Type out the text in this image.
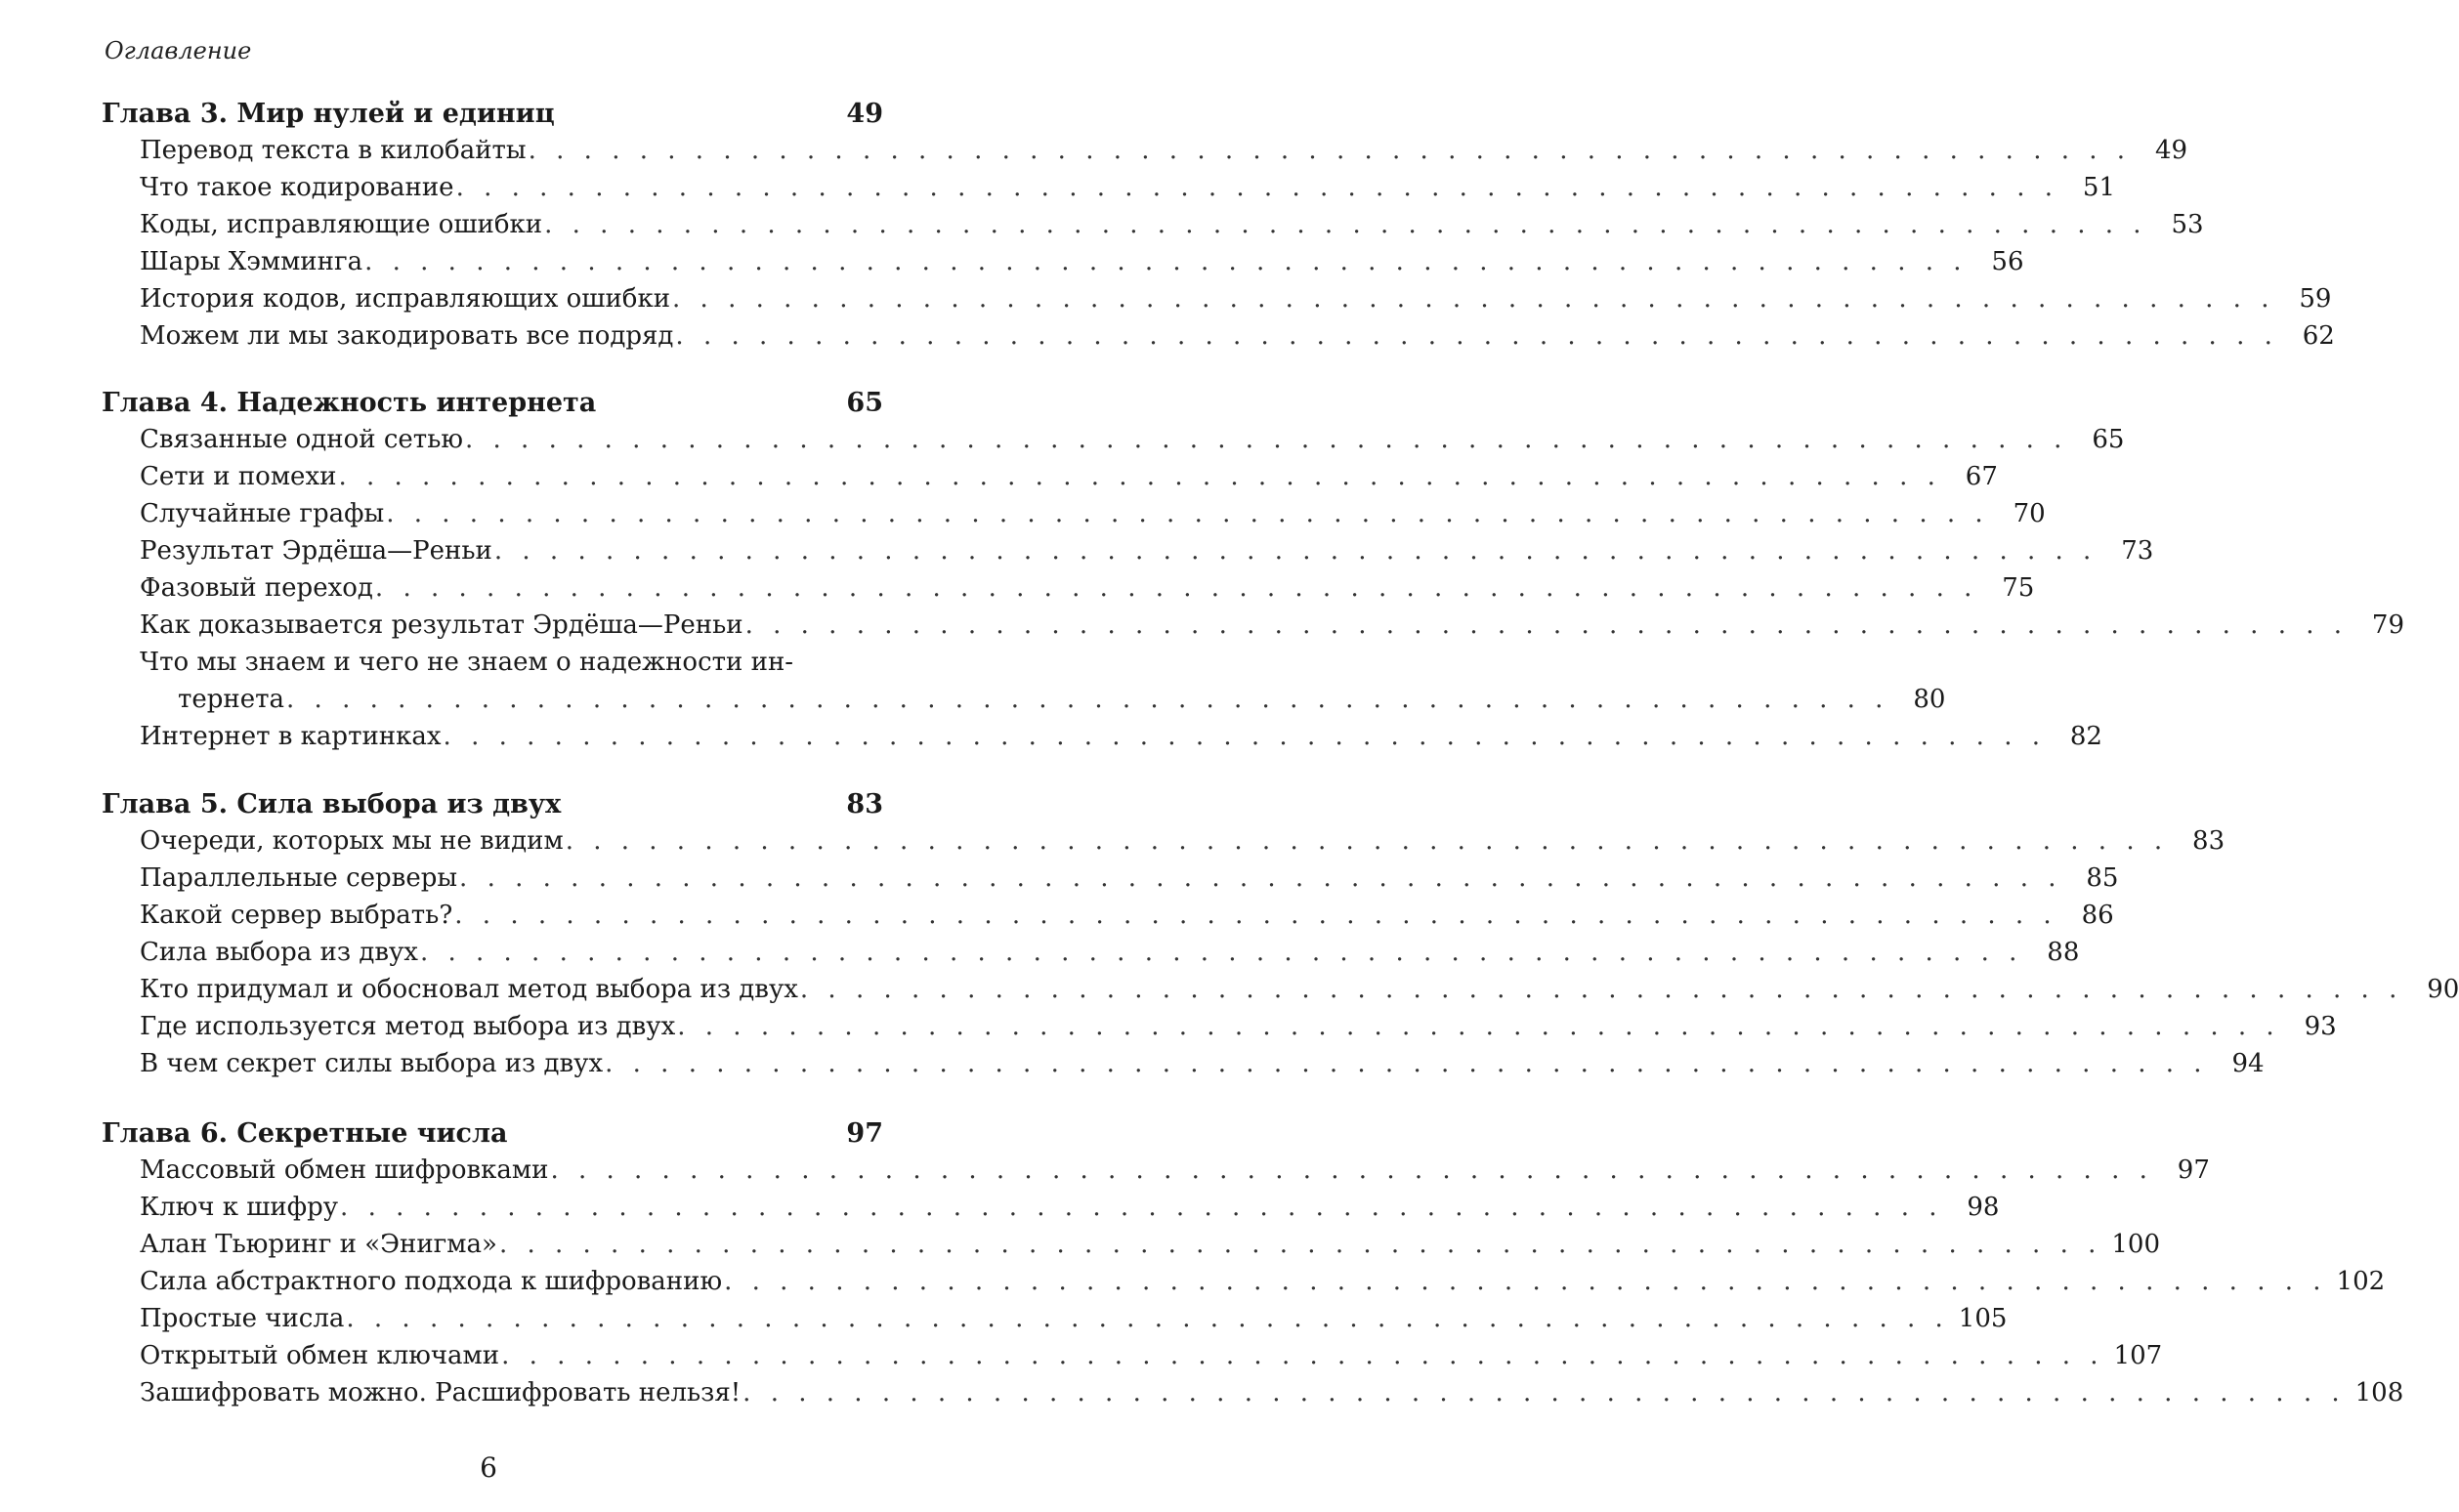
Оглавление
Глава 3. Мир нулей и единиц	49
Перевод текста в килобайты . . . . . . . . . . . . . . . . . . . . . . . . . . . . . . . . . . . . . . . . . . . . . . . . . . . . . . . . . . 49
Что такое кодирование . . . . . . . . . . . . . . . . . . . . . . . . . . . . . . . . . . . . . . . . . . . . . . . . . . . . . . . . . . 51
Коды, исправляющие ошибки . . . . . . . . . . . . . . . . . . . . . . . . . . . . . . . . . . . . . . . . . . . . . . . . . . . . . . . . . . 53
Шары Хэмминга . . . . . . . . . . . . . . . . . . . . . . . . . . . . . . . . . . . . . . . . . . . . . . . . . . . . . . . . . . 56
История кодов, исправляющих ошибки . . . . . . . . . . . . . . . . . . . . . . . . . . . . . . . . . . . . . . . . . . . . . . . . . . . . . . . . . . 59
Можем ли мы закодировать все подряд . . . . . . . . . . . . . . . . . . . . . . . . . . . . . . . . . . . . . . . . . . . . . . . . . . . . . . . . . . 62
Глава 4. Надежность интернета	65
Связанные одной сетью . . . . . . . . . . . . . . . . . . . . . . . . . . . . . . . . . . . . . . . . . . . . . . . . . . . . . . . . . . 65
Сети и помехи . . . . . . . . . . . . . . . . . . . . . . . . . . . . . . . . . . . . . . . . . . . . . . . . . . . . . . . . . . 67
Случайные графы . . . . . . . . . . . . . . . . . . . . . . . . . . . . . . . . . . . . . . . . . . . . . . . . . . . . . . . . . . 70
Результат Эрдёша—Реньи . . . . . . . . . . . . . . . . . . . . . . . . . . . . . . . . . . . . . . . . . . . . . . . . . . . . . . . . . . 73
Фазовый переход . . . . . . . . . . . . . . . . . . . . . . . . . . . . . . . . . . . . . . . . . . . . . . . . . . . . . . . . . . 75
Как доказывается результат Эрдёша—Реньи . . . . . . . . . . . . . . . . . . . . . . . . . . . . . . . . . . . . . . . . . . . . . . . . . . . . . . . . . . 79
Что мы знаем и чего не знаем о надежности ин-
тернета . . . . . . . . . . . . . . . . . . . . . . . . . . . . . . . . . . . . . . . . . . . . . . . . . . . . . . . . . . 80
Интернет в картинках . . . . . . . . . . . . . . . . . . . . . . . . . . . . . . . . . . . . . . . . . . . . . . . . . . . . . . . . . . 82
Глава 5. Сила выбора из двух	83
Очереди, которых мы не видим . . . . . . . . . . . . . . . . . . . . . . . . . . . . . . . . . . . . . . . . . . . . . . . . . . . . . . . . . . 83
Параллельные серверы . . . . . . . . . . . . . . . . . . . . . . . . . . . . . . . . . . . . . . . . . . . . . . . . . . . . . . . . . . 85
Какой сервер выбрать? . . . . . . . . . . . . . . . . . . . . . . . . . . . . . . . . . . . . . . . . . . . . . . . . . . . . . . . . . . 86
Сила выбора из двух . . . . . . . . . . . . . . . . . . . . . . . . . . . . . . . . . . . . . . . . . . . . . . . . . . . . . . . . . . 88
Кто придумал и обосновал метод выбора из двух . . . . . . . . . . . . . . . . . . . . . . . . . . . . . . . . . . . . . . . . . . . . . . . . . . . . . . . . . . 90
Где используется метод выбора из двух . . . . . . . . . . . . . . . . . . . . . . . . . . . . . . . . . . . . . . . . . . . . . . . . . . . . . . . . . . 93
В чем секрет силы выбора из двух . . . . . . . . . . . . . . . . . . . . . . . . . . . . . . . . . . . . . . . . . . . . . . . . . . . . . . . . . . 94
Глава 6. Секретные числа	97
Массовый обмен шифровками . . . . . . . . . . . . . . . . . . . . . . . . . . . . . . . . . . . . . . . . . . . . . . . . . . . . . . . . . . 97
Ключ к шифру . . . . . . . . . . . . . . . . . . . . . . . . . . . . . . . . . . . . . . . . . . . . . . . . . . . . . . . . . . 98
Алан Тьюринг и «Энигма» . . . . . . . . . . . . . . . . . . . . . . . . . . . . . . . . . . . . . . . . . . . . . . . . . . . . . . . . . . 100
Сила абстрактного подхода к шифрованию . . . . . . . . . . . . . . . . . . . . . . . . . . . . . . . . . . . . . . . . . . . . . . . . . . . . . . . . . . 102
Простые числа . . . . . . . . . . . . . . . . . . . . . . . . . . . . . . . . . . . . . . . . . . . . . . . . . . . . . . . . . . 105
Открытый обмен ключами . . . . . . . . . . . . . . . . . . . . . . . . . . . . . . . . . . . . . . . . . . . . . . . . . . . . . . . . . . 107
Зашифровать можно. Расшифровать нельзя! . . . . . . . . . . . . . . . . . . . . . . . . . . . . . . . . . . . . . . . . . . . . . . . . . . . . . . . . . . 108
6
